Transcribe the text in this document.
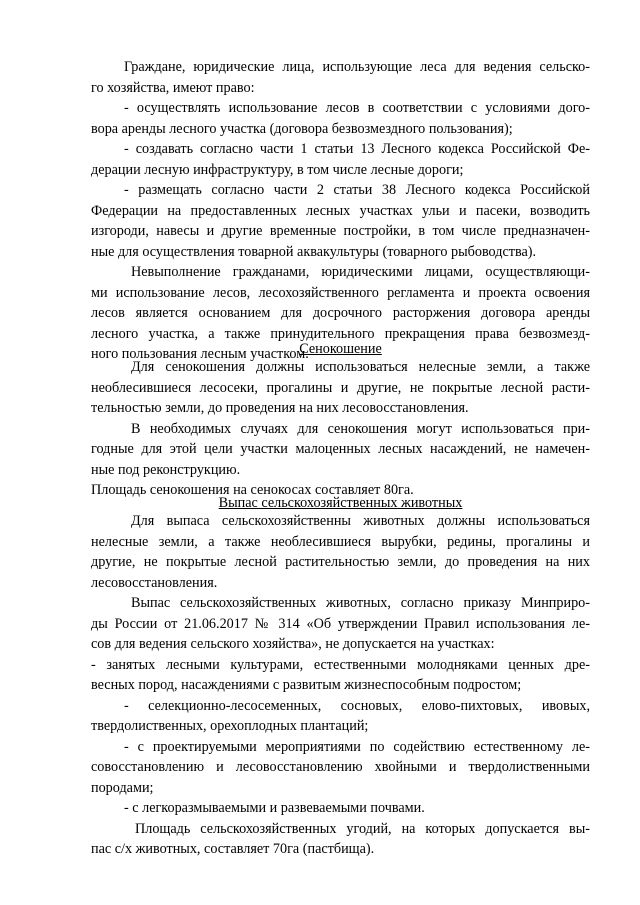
Граждане, юридические лица, использующие леса для ведения сельско-
го хозяйства, имеют право:
- осуществлять использование лесов в соответствии с условиями дого-
вора аренды лесного участка (договора безвозмездного пользования);
- создавать согласно части 1 статьи 13 Лесного кодекса Российской Фе-
дерации лесную инфраструктуру, в том числе лесные дороги;
- размещать согласно части 2 статьи 38 Лесного кодекса Российской
Федерации на предоставленных лесных участках ульи и пасеки, возводить
изгороди, навесы и другие временные постройки, в том числе предназначен-
ные для осуществления товарной аквакультуры (товарного рыбоводства).
Невыполнение гражданами, юридическими лицами, осуществляющи-
ми использование лесов, лесохозяйственного регламента и проекта освоения
лесов является основанием для досрочного расторжения договора аренды
лесного участка, а также принудительного прекращения права безвозмезд-
ного пользования лесным участком.
Сенокошение
Для сенокошения должны использоваться нелесные земли, а также
необлесившиеся лесосеки, прогалины и другие, не покрытые лесной расти-
тельностью земли, до проведения на них лесовосстановления.
В необходимых случаях для сенокошения могут использоваться при-
годные для этой цели участки малоценных лесных насаждений, не намечен-
ные под реконструкцию.
Площадь сенокошения на сенокосах составляет 80га.
Выпас сельскохозяйственных животных
Для выпаса сельскохозяйственны животных должны использоваться
нелесные земли, а также необлесившиеся вырубки, редины, прогалины и
другие, не покрытые лесной растительностью земли, до проведения на них
лесовосстановления.
Выпас сельскохозяйственных животных, согласно приказу Минприро-
ды России от 21.06.2017 № 314 «Об утверждении Правил использования ле-
сов для ведения сельского хозяйства», не допускается на участках:
- занятых лесными культурами, естественными молодняками ценных дре-
весных пород, насаждениями с развитым жизнеспособным подростом;
- селекционно-лесосеменных, сосновых, елово-пихтовых, ивовых,
твердолиственных, орехоплодных плантаций;
- с проектируемыми мероприятиями по содействию естественному ле-
совосстановлению и лесовосстановлению хвойными и твердолиственными
породами;
- с легкоразмываемыми и развеваемыми почвами.
Площадь сельскохозяйственных угодий, на которых допускается вы-
пас с/х животных, составляет 70га (пастбища).
